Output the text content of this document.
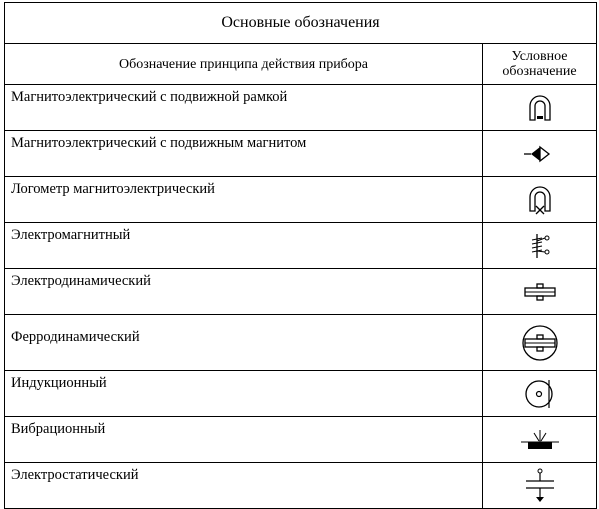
Основные обозначения	
Обозначение принципа действия прибора	Условное
обозначение
Магнитоэлектрический с подвижной рамкой	

Магнитоэлектрический с подвижным магнитом	

Логометр магнитоэлектрический	

Электромагнитный	

Электродинамический	

Ферродинамический	

Индукционный	

Вибрационный	

Электростатический	
